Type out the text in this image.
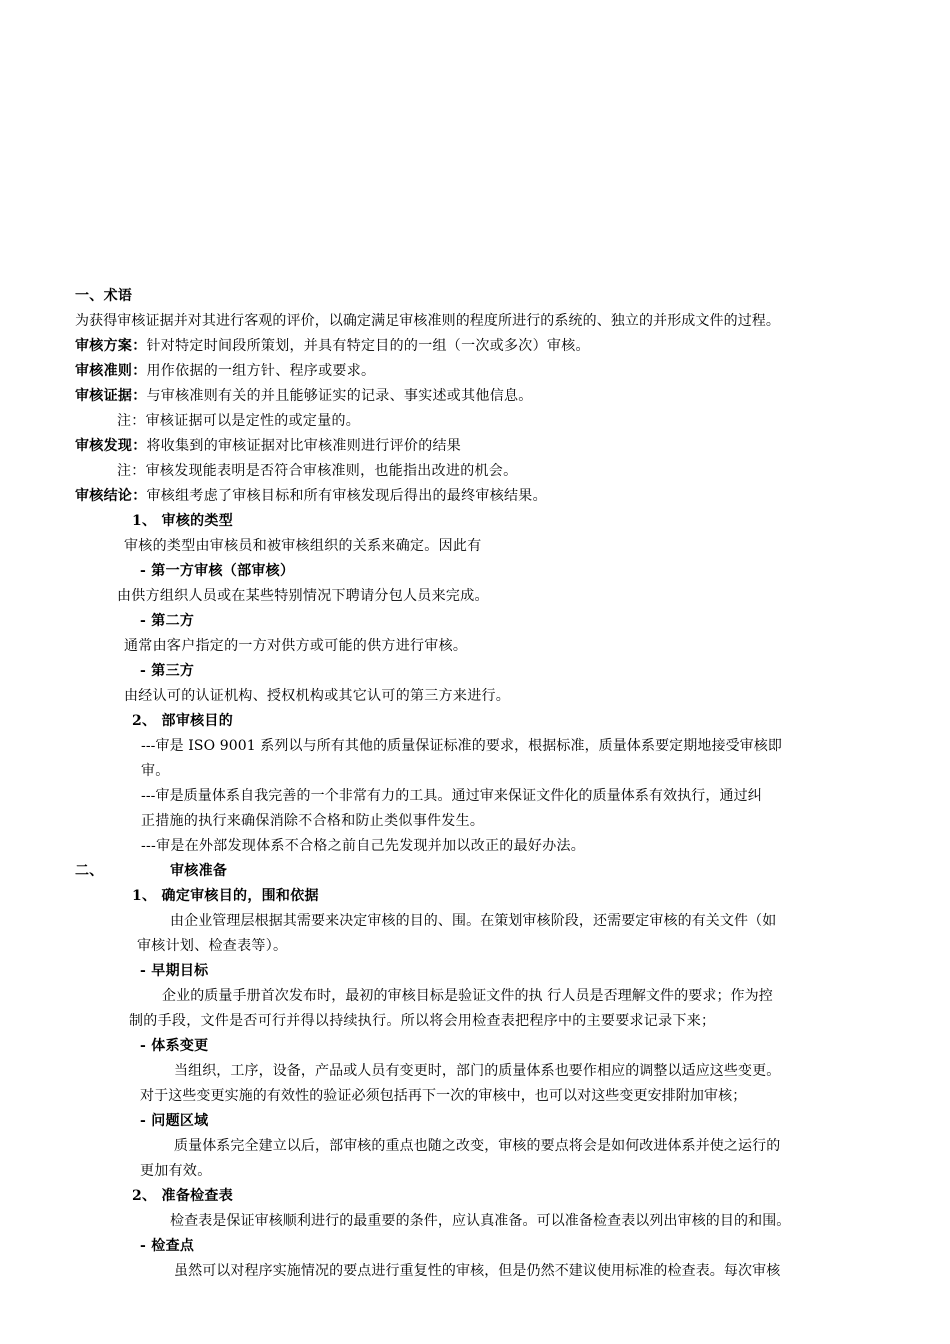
一、术语
为获得审核证据并对其进行客观的评价，以确定满足审核准则的程度所进行的系统的、独立的并形成文件的过程。
审核方案：针对特定时间段所策划，并具有特定目的的一组（一次或多次）审核。
审核准则：用作依据的一组方针、程序或要求。
审核证据：与审核准则有关的并且能够证实的记录、事实述或其他信息。
注：审核证据可以是定性的或定量的。
审核发现：将收集到的审核证据对比审核准则进行评价的结果
注：审核发现能表明是否符合审核准则，也能指出改进的机会。
审核结论：审核组考虑了审核目标和所有审核发现后得出的最终审核结果。
1、 审核的类型
审核的类型由审核员和被审核组织的关系来确定。因此有
- 第一方审核（部审核）
由供方组织人员或在某些特别情况下聘请分包人员来完成。
- 第二方
通常由客户指定的一方对供方或可能的供方进行审核。
- 第三方
由经认可的认证机构、授权机构或其它认可的第三方来进行。
2、 部审核目的
---审是 ISO 9001 系列以与所有其他的质量保证标准的要求，根据标准，质量体系要定期地接受审核即
审。
---审是质量体系自我完善的一个非常有力的工具。通过审来保证文件化的质量体系有效执行，通过纠
正措施的执行来确保消除不合格和防止类似事件发生。
---审是在外部发现体系不合格之前自己先发现并加以改正的最好办法。
二、	审核准备
1、 确定审核目的，围和依据
由企业管理层根据其需要来决定审核的目的、围。在策划审核阶段，还需要定审核的有关文件（如
审核计划、检查表等）。
- 早期目标
企业的质量手册首次发布时，最初的审核目标是验证文件的执 行人员是否理解文件的要求；作为控
制的手段，文件是否可行并得以持续执行。所以将会用检查表把程序中的主要要求记录下来；
- 体系变更
当组织，工序，设备，产品或人员有变更时，部门的质量体系也要作相应的调整以适应这些变更。
对于这些变更实施的有效性的验证必须包括再下一次的审核中，也可以对这些变更安排附加审核；
- 问题区域
质量体系完全建立以后，部审核的重点也随之改变，审核的要点将会是如何改进体系并使之运行的
更加有效。
2、 准备检查表
检查表是保证审核顺利进行的最重要的条件，应认真准备。可以准备检查表以列出审核的目的和围。
- 检查点
虽然可以对程序实施情况的要点进行重复性的审核，但是仍然不建议使用标准的检查表。每次审核
